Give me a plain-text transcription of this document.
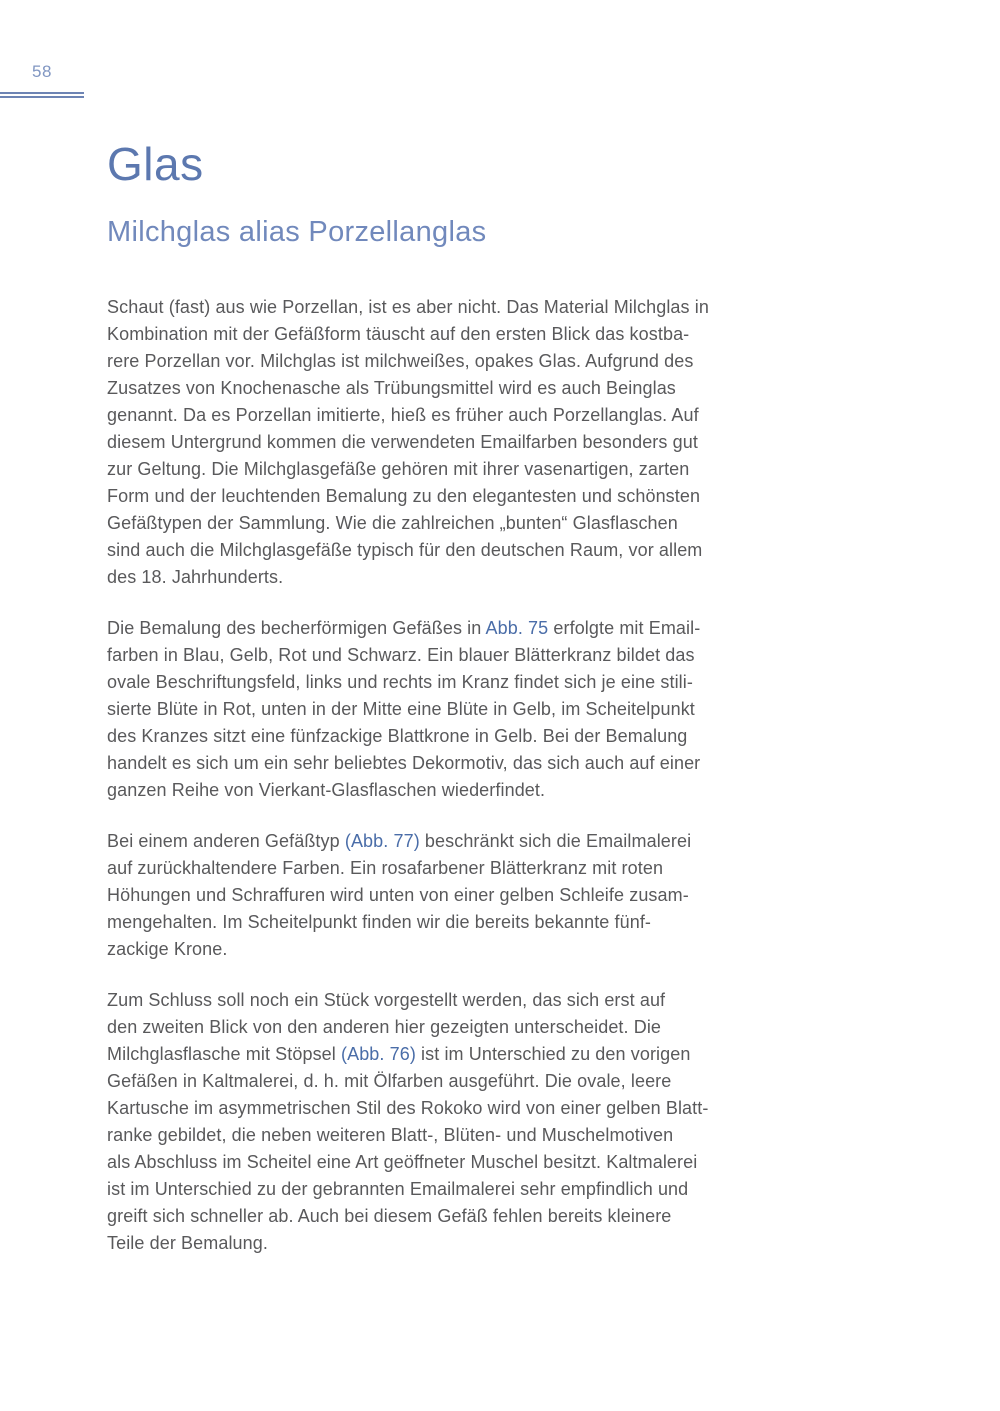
58
Glas
Milchglas alias Porzellanglas
Schaut (fast) aus wie Porzellan, ist es aber nicht. Das Material Milchglas in
Kombination mit der Gefäßform täuscht auf den ersten Blick das kostba-
rere Porzellan vor. Milchglas ist milchweißes, opakes Glas. Aufgrund des
Zusatzes von Knochenasche als Trübungsmittel wird es auch Beinglas
genannt. Da es Porzellan imitierte, hieß es früher auch Porzellanglas. Auf
diesem Untergrund kommen die verwendeten Emailfarben besonders gut
zur Geltung. Die Milchglasgefäße gehören mit ihrer vasenartigen, zarten
Form und der leuchtenden Bemalung zu den elegantesten und schönsten
Gefäßtypen der Sammlung. Wie die zahlreichen „bunten“ Glasflaschen
sind auch die Milchglasgefäße typisch für den deutschen Raum, vor allem
des 18. Jahrhunderts.
Die Bemalung des becherförmigen Gefäßes in Abb. 75 erfolgte mit Email-
farben in Blau, Gelb, Rot und Schwarz. Ein blauer Blätterkranz bildet das
ovale Beschriftungsfeld, links und rechts im Kranz findet sich je eine stili-
sierte Blüte in Rot, unten in der Mitte eine Blüte in Gelb, im Scheitelpunkt
des Kranzes sitzt eine fünfzackige Blattkrone in Gelb. Bei der Bemalung
handelt es sich um ein sehr beliebtes Dekormotiv, das sich auch auf einer
ganzen Reihe von Vierkant-Glasflaschen wiederfindet.
Bei einem anderen Gefäßtyp (Abb. 77) beschränkt sich die Emailmalerei
auf zurückhaltendere Farben. Ein rosafarbener Blätterkranz mit roten
Höhungen und Schraffuren wird unten von einer gelben Schleife zusam-
mengehalten. Im Scheitelpunkt finden wir die bereits bekannte fünf-
zackige Krone.
Zum Schluss soll noch ein Stück vorgestellt werden, das sich erst auf
den zweiten Blick von den anderen hier gezeigten unterscheidet. Die
Milchglasflasche mit Stöpsel (Abb. 76) ist im Unterschied zu den vorigen
Gefäßen in Kaltmalerei, d. h. mit Ölfarben ausgeführt. Die ovale, leere
Kartusche im asymmetrischen Stil des Rokoko wird von einer gelben Blatt-
ranke gebildet, die neben weiteren Blatt-, Blüten- und Muschelmotiven
als Abschluss im Scheitel eine Art geöffneter Muschel besitzt. Kaltmalerei
ist im Unterschied zu der gebrannten Emailmalerei sehr empfindlich und
greift sich schneller ab. Auch bei diesem Gefäß fehlen bereits kleinere
Teile der Bemalung.
